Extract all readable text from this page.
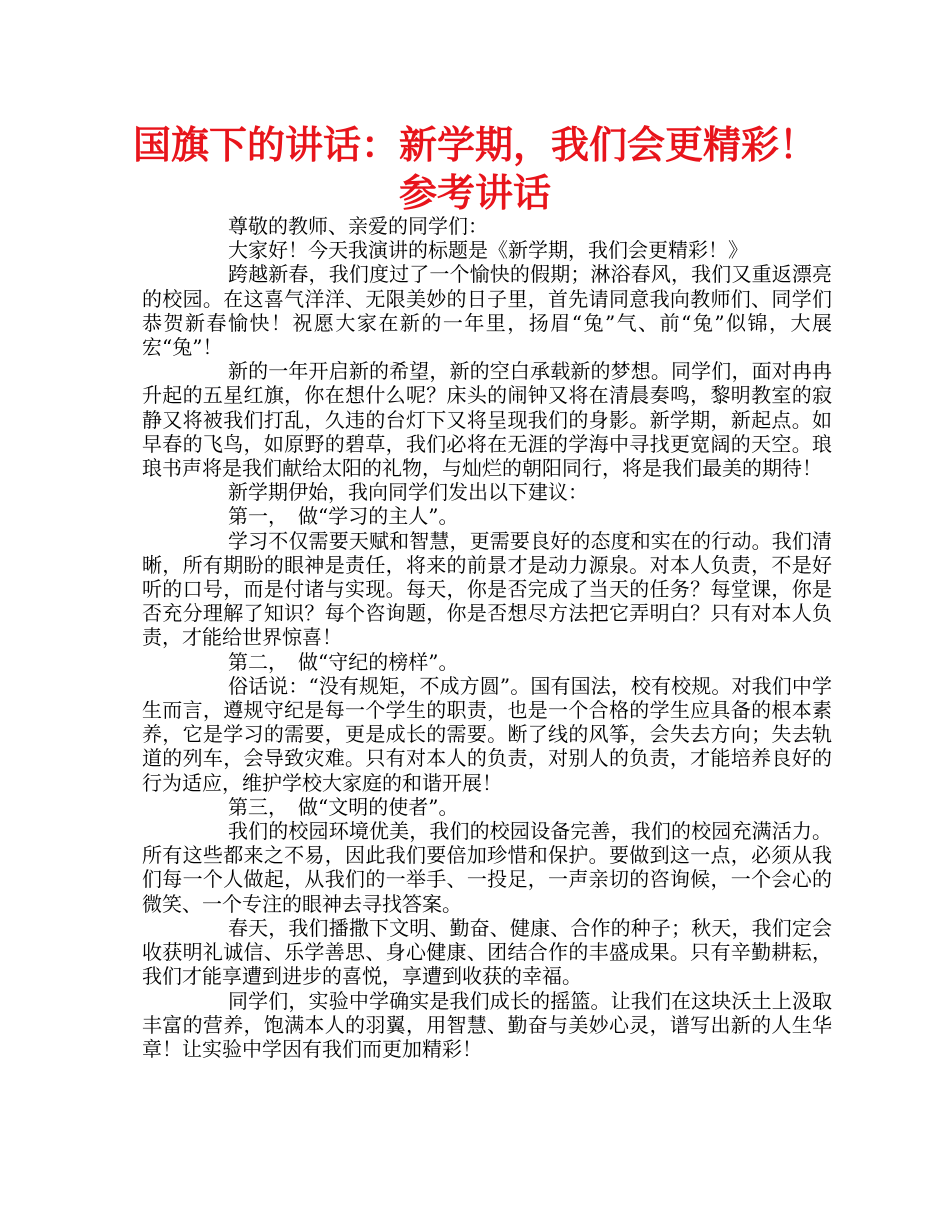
国旗下的讲话：新学期，我们会更精彩！
参考讲话

尊敬的教师、亲爱的同学们：

大家好！今天我演讲的标题是《新学期，我们会更精彩！》

跨越新春，我们度过了一个愉快的假期；淋浴春风，我们又重返漂亮的校园。在这喜气洋洋、无限美妙的日子里，首先请同意我向教师们、同学们恭贺新春愉快！祝愿大家在新的一年里，扬眉“兔”气、前“兔”似锦，大展宏“兔”！

新的一年开启新的希望，新的空白承载新的梦想。同学们，面对冉冉升起的五星红旗，你在想什么呢？床头的闹钟又将在清晨奏鸣，黎明教室的寂静又将被我们打乱，久违的台灯下又将呈现我们的身影。新学期，新起点。如早春的飞鸟，如原野的碧草，我们必将在无涯的学海中寻找更宽阔的天空。琅琅书声将是我们献给太阳的礼物，与灿烂的朝阳同行，将是我们最美的期待！

新学期伊始，我向同学们发出以下建议：

第一，　做“学习的主人”。

学习不仅需要天赋和智慧，更需要良好的态度和实在的行动。我们清晰，所有期盼的眼神是责任，将来的前景才是动力源泉。对本人负责，不是好听的口号，而是付诸与实现。每天，你是否完成了当天的任务？每堂课，你是否充分理解了知识？每个咨询题，你是否想尽方法把它弄明白？只有对本人负责，才能给世界惊喜！

第二，　做“守纪的榜样”。

俗话说：“没有规矩，不成方圆”。国有国法，校有校规。对我们中学生而言，遵规守纪是每一个学生的职责，也是一个合格的学生应具备的根本素养，它是学习的需要，更是成长的需要。断了线的风筝，会失去方向；失去轨道的列车，会导致灾难。只有对本人的负责，对别人的负责，才能培养良好的行为适应，维护学校大家庭的和谐开展！

第三，　做“文明的使者”。

我们的校园环境优美，我们的校园设备完善，我们的校园充满活力。所有这些都来之不易，因此我们要倍加珍惜和保护。要做到这一点，必须从我们每一个人做起，从我们的一举手、一投足，一声亲切的咨询候，一个会心的微笑、一个专注的眼神去寻找答案。

春天，我们播撒下文明、勤奋、健康、合作的种子；秋天，我们定会收获明礼诚信、乐学善思、身心健康、团结合作的丰盛成果。只有辛勤耕耘，我们才能享遭到进步的喜悦，享遭到收获的幸福。

同学们，实验中学确实是我们成长的摇篮。让我们在这块沃土上汲取丰富的营养，饱满本人的羽翼，用智慧、勤奋与美妙心灵，谱写出新的人生华章！让实验中学因有我们而更加精彩！
